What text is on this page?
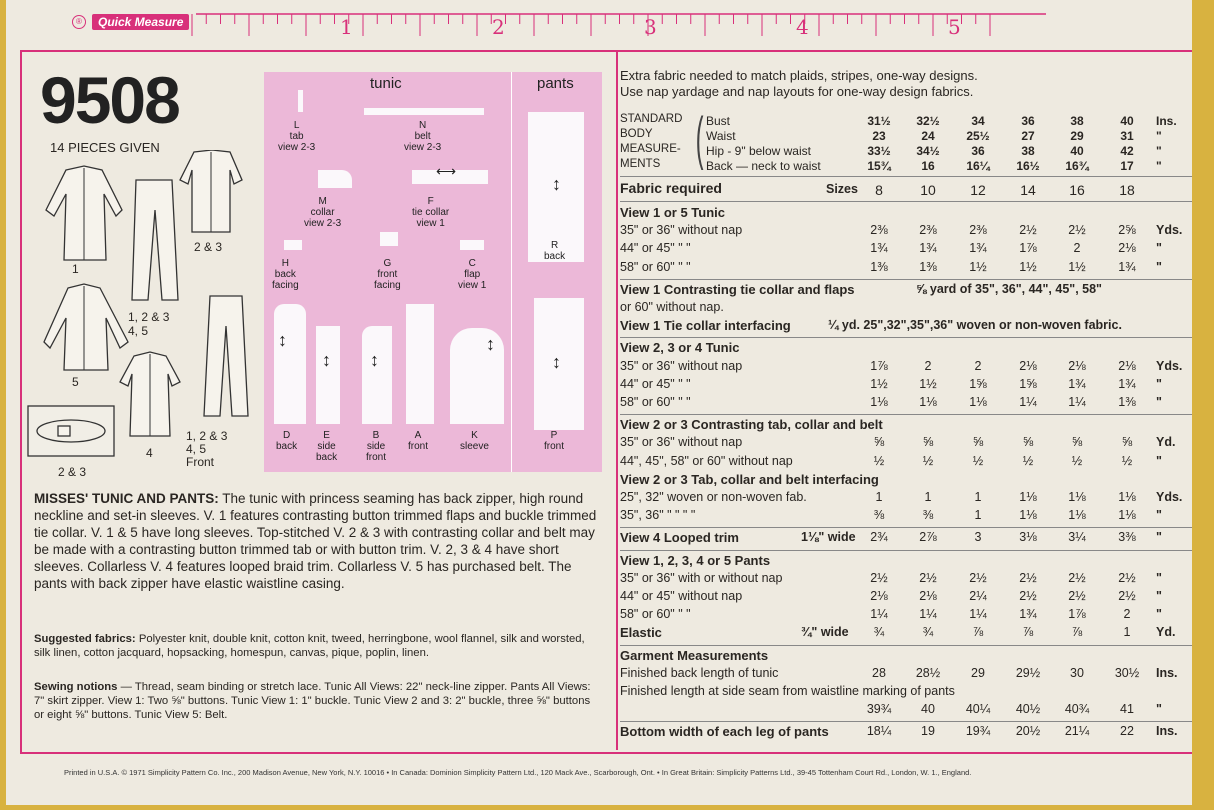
1	2	3	4	5
®	Quick Measure
9508
14 PIECES GIVEN
1
2 & 3
1, 2 & 3
4, 5
5
4
1, 2 & 3
4, 5
Front
2 & 3
tunic	pants
⟷
↕
↕ ↕
↕
↕
↕
L
tab
view 2-3
N
belt
view 2-3
M
collar
view 2-3
F
tie collar
view 1
H
back
facing
G
front
facing
C
flap
view 1
D
back
E
side
back
B
side
front
A
front
K
sleeve
R
back
P
front
MISSES' TUNIC AND PANTS: The tunic with princess seaming has back zipper, high round neckline and set-in sleeves. V. 1 features contrasting button trimmed flaps and buckle trimmed tie collar. V. 1 & 5 have long sleeves. Top-stitched V. 2 & 3 with contrasting collar and belt may be made with a contrasting button trimmed tab or with button trim. V. 2, 3 & 4 have short sleeves. Collarless V. 4 features looped braid trim. Collarless V. 5 has purchased belt. The pants with back zipper have elastic waistline casing.
Suggested fabrics: Polyester knit, double knit, cotton knit, tweed, herringbone, wool flannel, silk and worsted, silk linen, cotton jacquard, hopsacking, homespun, canvas, pique, poplin, linen.
Sewing notions — Thread, seam binding or stretch lace. Tunic All Views: 22" neck-line zipper. Pants All Views: 7" skirt zipper. View 1: Two ⅝" buttons. Tunic View 1: 1" buckle. Tunic View 2 and 3: 2" buckle, three ⅝" buttons or eight ⅝" buttons. Tunic View 5: Belt.
Printed in U.S.A. © 1971 Simplicity Pattern Co. Inc., 200 Madison Avenue, New York, N.Y. 10016 • In Canada: Dominion Simplicity Pattern Ltd., 120 Mack Ave., Scarborough, Ont. • In Great Britain: Simplicity Patterns Ltd., 39-45 Tottenham Court Rd., London, W. 1., England.
Extra fabric needed to match plaids, stripes, one-way designs.
Use nap yardage and nap layouts for one-way design fabrics.
STANDARD
BODY
MEASURE-
MENTS ( Bust	31½	32½	34	36	38	40	Ins.
Waist	23	24	25½	27	29	31	"
Hip - 9" below waist	33½	34½	36	38	40	42	"
Back — neck to waist	15¾	16	16¼	16½	16¾	17	"
Fabric required	Sizes	8	10	12	14	16	18
View 1 or 5 Tunic
35" or 36" without nap	2⅜	2⅜	2⅜	2½	2½	2⅝	Yds.
44" or 45" " "	1¾	1¾	1¾	1⅞	2	2⅛	"
58" or 60" " "	1⅜	1⅜	1½	1½	1½	1¾	"
View 1 Contrasting tie collar and flaps	⅝ yard of 35", 36", 44", 45", 58"
or 60" without nap.
View 1 Tie collar interfacing	¼ yd. 25",32",35",36" woven or non-woven fabric.
View 2, 3 or 4 Tunic
35" or 36" without nap	1⅞	2	2	2⅛	2⅛	2⅛	Yds.
44" or 45" " "	1½	1½	1⅝	1⅝	1¾	1¾	"
58" or 60" " "	1⅛	1⅛	1⅛	1¼	1¼	1⅜	"
View 2 or 3 Contrasting tab, collar and belt
35" or 36" without nap	⅝	⅝	⅝	⅝	⅝	⅝	Yd.
44", 45", 58" or 60" without nap	½	½	½	½	½	½	"
View 2 or 3 Tab, collar and belt interfacing
25", 32" woven or non-woven fab.	1	1	1	1⅛	1⅛	1⅛	Yds.
35", 36" " " " "	⅜	⅜	1	1⅛	1⅛	1⅛	"
View 4 Looped trim	1⅛" wide	2¾	2⅞	3	3⅛	3¼	3⅜	"
View 1, 2, 3, 4 or 5 Pants
35" or 36" with or without nap	2½	2½	2½	2½	2½	2½	"
44" or 45" without nap	2⅛	2⅛	2¼	2½	2½	2½	"
58" or 60" " "	1¼	1¼	1¼	1¾	1⅞	2	"
Elastic	¾" wide	¾	¾	⅞	⅞	⅞	1	Yd.
Garment Measurements
Finished back length of tunic	28	28½	29	29½	30	30½	Ins.
Finished length at side seam from waistline marking of pants
39¾	40	40¼	40½	40¾	41	"
Bottom width of each leg of pants	18¼	19	19¾	20½	21¼	22	Ins.
